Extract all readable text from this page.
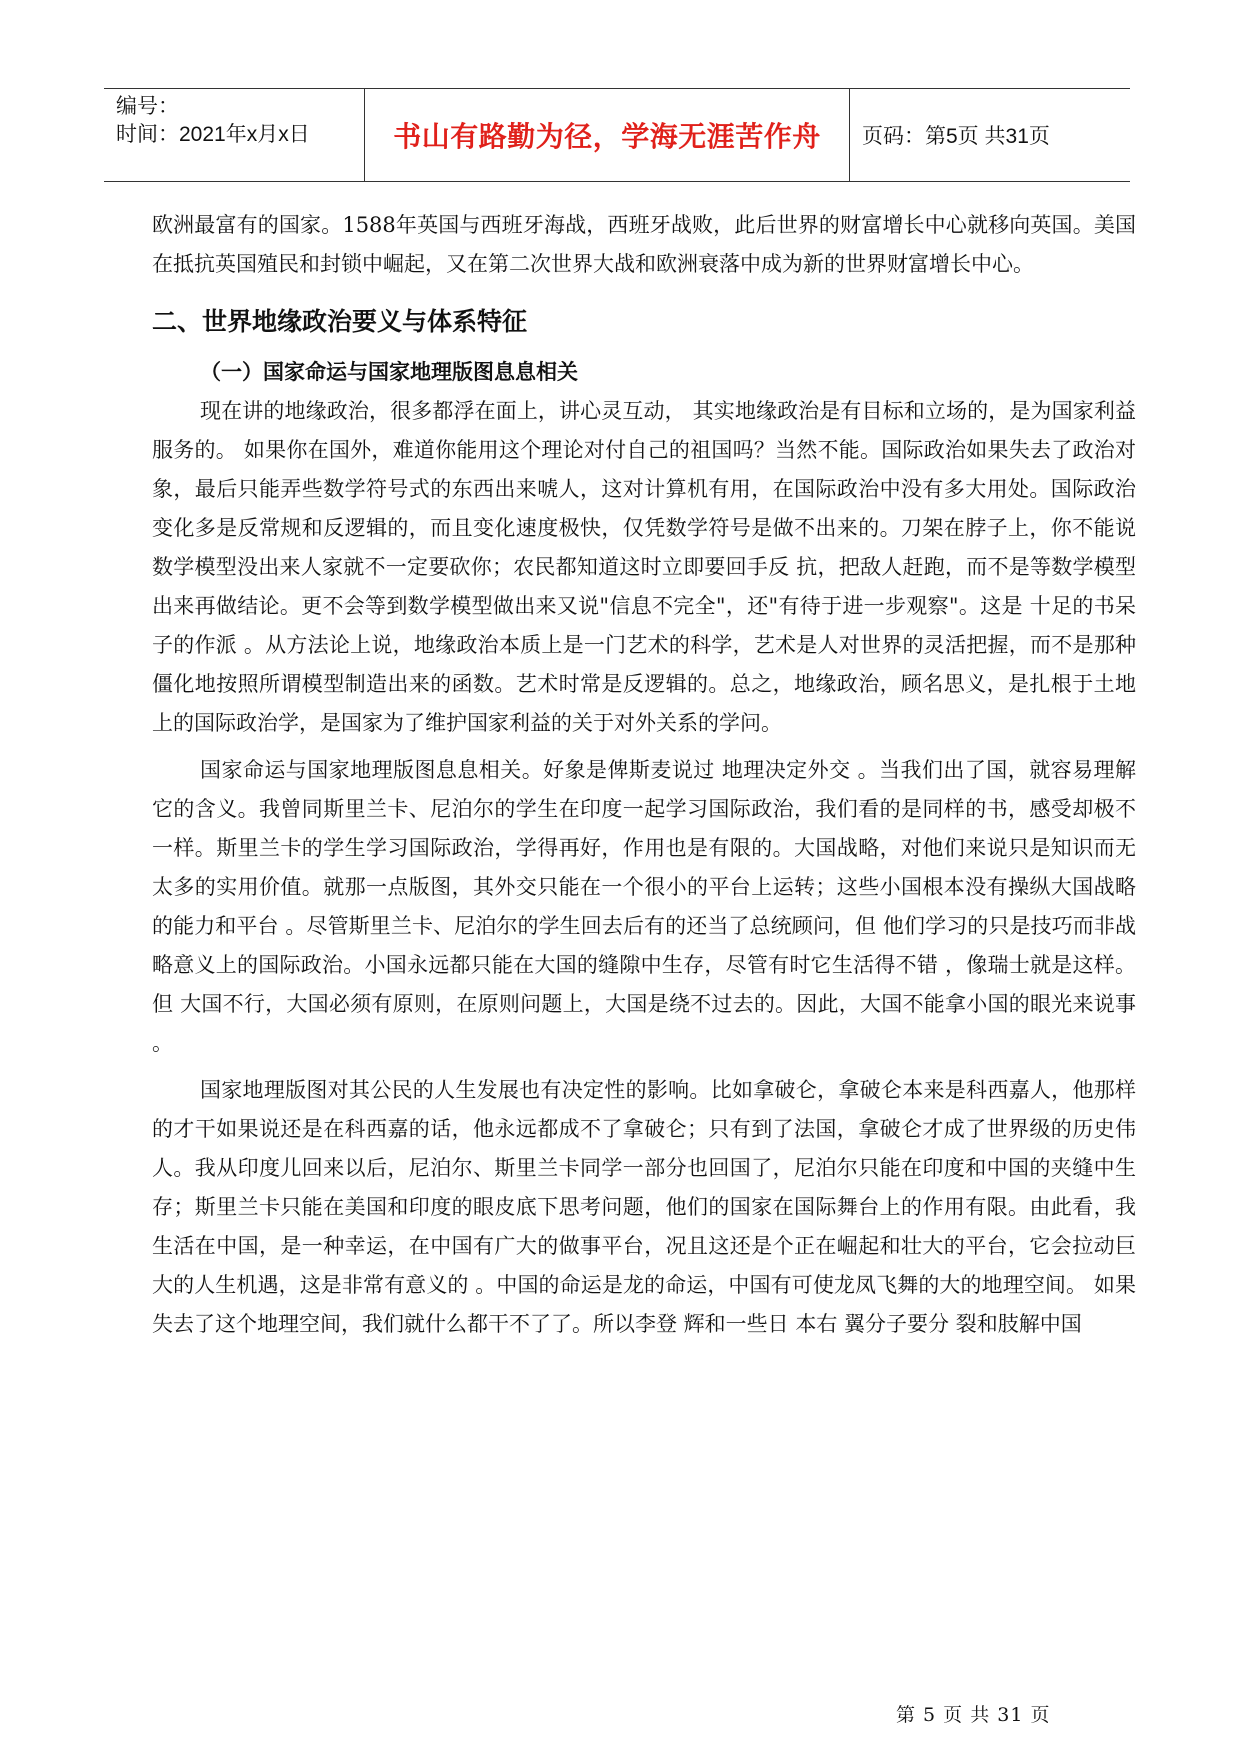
编号：
时间：2021年x月x日	书山有路勤为径，学海无涯苦作舟 页码：第5页 共31页

欧洲最富有的国家。1588年英国与西班牙海战，西班牙战败，此后世界的财富增长中心就移向英国。美国在抵抗英国殖民和封锁中崛起，又在第二次世界大战和欧洲衰落中成为新的世界财富增长中心。

二、世界地缘政治要义与体系特征

（一）国家命运与国家地理版图息息相关

现在讲的地缘政治，很多都浮在面上，讲心灵互动， 其实地缘政治是有目标和立场的，是为国家利益服务的。 如果你在国外，难道你能用这个理论对付自己的祖国吗？当然不能。国际政治如果失去了政治对象，最后只能弄些数学符号式的东西出来唬人，这对计算机有用，在国际政治中没有多大用处。国际政治变化多是反常规和反逻辑的，而且变化速度极快，仅凭数学符号是做不出来的。刀架在脖子上，你不能说数学模型没出来人家就不一定要砍你；农民都知道这时立即要回手反 抗，把敌人赶跑，而不是等数学模型出来再做结论。更不会等到数学模型做出来又说"信息不完全"，还"有待于进一步观察"。这是 十足的书呆子的作派 。从方法论上说，地缘政治本质上是一门艺术的科学，艺术是人对世界的灵活把握，而不是那种僵化地按照所谓模型制造出来的函数。艺术时常是反逻辑的。总之，地缘政治，顾名思义，是扎根于土地上的国际政治学，是国家为了维护国家利益的关于对外关系的学问。

国家命运与国家地理版图息息相关。好象是俾斯麦说过 地理决定外交 。当我们出了国，就容易理解它的含义。我曾同斯里兰卡、尼泊尔的学生在印度一起学习国际政治，我们看的是同样的书，感受却极不一样。斯里兰卡的学生学习国际政治，学得再好，作用也是有限的。大国战略，对他们来说只是知识而无太多的实用价值。就那一点版图，其外交只能在一个很小的平台上运转；这些小国根本没有操纵大国战略的能力和平台 。尽管斯里兰卡、尼泊尔的学生回去后有的还当了总统顾问，但 他们学习的只是技巧而非战略意义上的国际政治。小国永远都只能在大国的缝隙中生存，尽管有时它生活得不错 ，像瑞士就是这样。但 大国不行，大国必须有原则，在原则问题上，大国是绕不过去的。因此，大国不能拿小国的眼光来说事 。

国家地理版图对其公民的人生发展也有决定性的影响。比如拿破仑，拿破仑本来是科西嘉人，他那样的才干如果说还是在科西嘉的话，他永远都成不了拿破仑；只有到了法国，拿破仑才成了世界级的历史伟人。我从印度儿回来以后，尼泊尔、斯里兰卡同学一部分也回国了，尼泊尔只能在印度和中国的夹缝中生存；斯里兰卡只能在美国和印度的眼皮底下思考问题，他们的国家在国际舞台上的作用有限。由此看，我 生活在中国，是一种幸运，在中国有广大的做事平台，况且这还是个正在崛起和壮大的平台，它会拉动巨大的人生机遇，这是非常有意义的 。中国的命运是龙的命运，中国有可使龙凤飞舞的大的地理空间。 如果失去了这个地理空间，我们就什么都干不了了。所以李登 辉和一些日 本右 翼分子要分 裂和肢解中国

第 5 页 共 31 页
